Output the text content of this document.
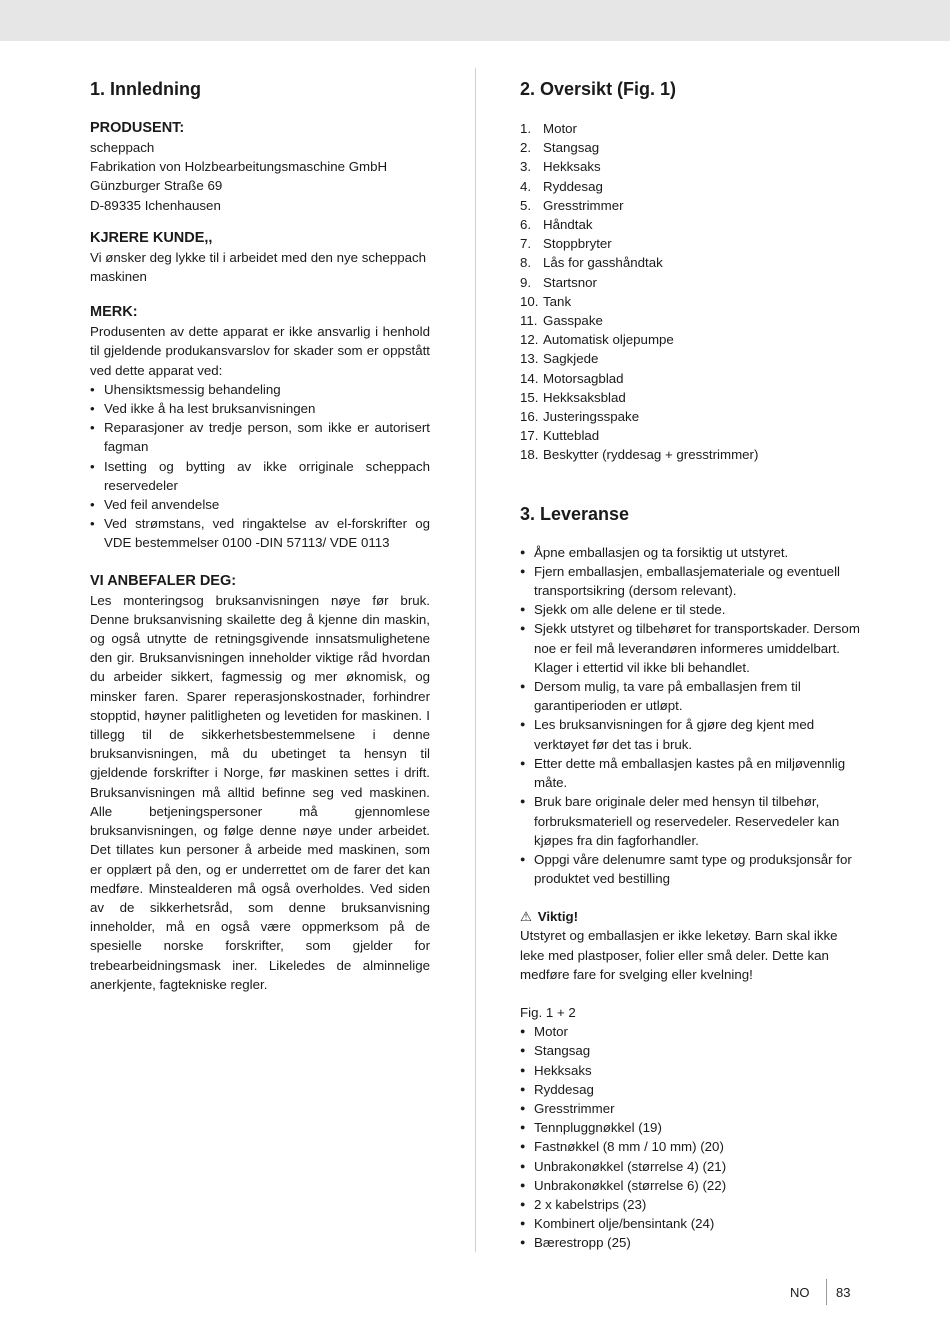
1. Innledning
PRODUSENT:

scheppach

Fabrikation von Holzbearbeitungsmaschine GmbH

Günzburger Straße 69

D-89335 Ichenhausen

KJRERE KUNDE,,

Vi ønsker deg lykke til i arbeidet med den nye scheppach maskinen

MERK:

Produsenten av dette apparat er ikke ansvarlig i henhold til gjeldende produkansvarslov for skader som er oppstått ved dette apparat ved:

• Uhensiktsmessig behandeling
• Ved ikke å ha lest bruksanvisningen
• Reparasjoner av tredje person, som ikke er autorisert fagman
• Isetting og bytting av ikke orriginale scheppach reservedeler
• Ved feil anvendelse
• Ved strømstans, ved ringaktelse av el-forskrifter og VDE bestemmelser 0100 -DIN 57113/ VDE 0113
VI ANBEFALER DEG:

Les monteringsog bruksanvisningen nøye før bruk. Denne bruksanvisning skailette deg å kjenne din maskin, og også utnytte de retningsgivende innsatsmulighetene den gir. Bruksanvisningen inneholder viktige råd hvordan du arbeider sikkert, fagmessig og mer øknomisk, og minsker faren. Sparer reperasjonskostnader, forhindrer stopptid, høyner palitligheten og levetiden for maskinen. I tillegg til de sikkerhetsbestemmelsene i denne bruksanvisningen, må du ubetinget ta hensyn til gjeldende forskrifter i Norge, før maskinen settes i drift. Bruksanvisningen må alltid befinne seg ved maskinen. Alle betjeningspersoner må gjennomlese bruksanvisningen, og følge denne nøye under arbeidet. Det tillates kun personer å arbeide med maskinen, som er opplært på den, og er underrettet om de farer det kan medføre. Minstealderen må også overholdes. Ved siden av de sikkerhetsråd, som denne bruksanvisning inneholder, må en også være oppmerksom på de spesielle norske forskrifter, som gjelder for trebearbeidningsmask iner. Likeledes de alminnelige anerkjente, fagtekniske regler.

2. Oversikt (Fig. 1)
1. Motor
2. Stangsag
3. Hekksaks
4. Ryddesag
5. Gresstrimmer
6. Håndtak
7. Stoppbryter
8. Lås for gasshåndtak
9. Startsnor
10. Tank
11. Gasspake
12. Automatisk oljepumpe
13. Sagkjede
14. Motorsagblad
15. Hekksaksblad
16. Justeringsspake
17. Kutteblad
18. Beskytter (ryddesag + gresstrimmer)
3. Leveranse
● Åpne emballasjen og ta forsiktig ut utstyret.
● Fjern emballasjen, emballasjemateriale og eventuell transportsikring (dersom relevant).
● Sjekk om alle delene er til stede.
● Sjekk utstyret og tilbehøret for transportskader. Dersom noe er feil må leverandøren informeres umiddelbart. Klager i ettertid vil ikke bli behandlet.
● Dersom mulig, ta vare på emballasjen frem til garantiperioden er utløpt.
● Les bruksanvisningen for å gjøre deg kjent med verktøyet før det tas i bruk.
● Etter dette må emballasjen kastes på en miljøvennlig måte.
● Bruk bare originale deler med hensyn til tilbehør, forbruksmateriell og reservedeler. Reservedeler kan kjøpes fra din fagforhandler.
● Oppgi våre delenumre samt type og produksjonsår for produktet ved bestilling
⚠ Viktig!

Utstyret og emballasjen er ikke leketøy. Barn skal ikke leke med plastposer, folier eller små deler. Dette kan medføre fare for svelging eller kvelning!

Fig. 1 + 2

● Motor
● Stangsag
● Hekksaks
● Ryddesag
● Gresstrimmer
● Tennpluggnøkkel (19)
● Fastnøkkel (8 mm / 10 mm) (20)
● Unbrakonøkkel (størrelse 4) (21)
● Unbrakonøkkel (størrelse 6) (22)
● 2 x kabelstrips (23)
● Kombinert olje/bensintank (24)
● Bærestropp (25)
NO 83
